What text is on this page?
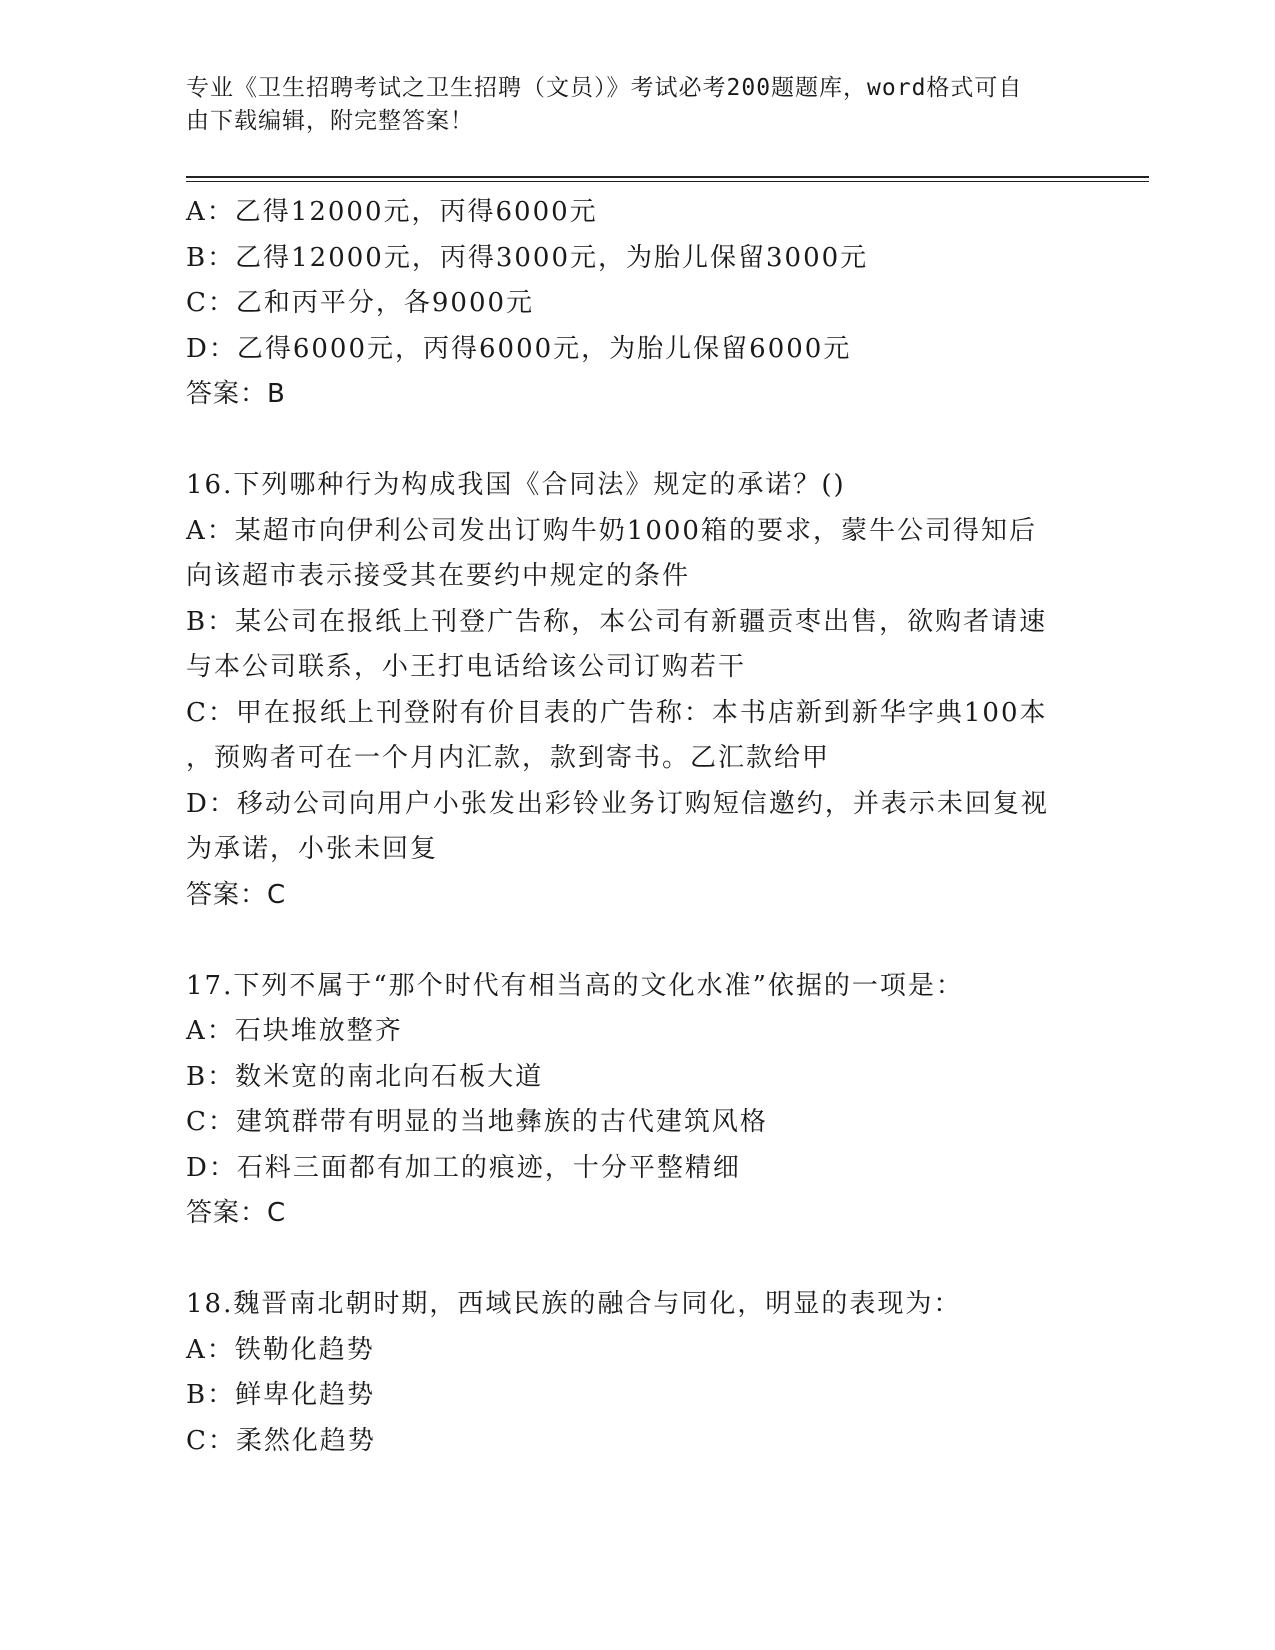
专业《卫生招聘考试之卫生招聘（文员）》考试必考200题题库，word格式可自
由下载编辑，附完整答案！
A：乙得12000元，丙得6000元
B：乙得12000元，丙得3000元，为胎儿保留3000元
C：乙和丙平分，各9000元
D：乙得6000元，丙得6000元，为胎儿保留6000元
答案：B
16.下列哪种行为构成我国《合同法》规定的承诺？()
A：某超市向伊利公司发出订购牛奶1000箱的要求，蒙牛公司得知后
向该超市表示接受其在要约中规定的条件
B：某公司在报纸上刊登广告称，本公司有新疆贡枣出售，欲购者请速
与本公司联系，小王打电话给该公司订购若干
C：甲在报纸上刊登附有价目表的广告称：本书店新到新华字典100本
，预购者可在一个月内汇款，款到寄书。乙汇款给甲
D：移动公司向用户小张发出彩铃业务订购短信邀约，并表示未回复视
为承诺，小张未回复
答案：C
17.下列不属于“那个时代有相当高的文化水准”依据的一项是：
A：石块堆放整齐
B：数米宽的南北向石板大道
C：建筑群带有明显的当地彝族的古代建筑风格
D：石料三面都有加工的痕迹，十分平整精细
答案：C
18.魏晋南北朝时期，西域民族的融合与同化，明显的表现为：
A：铁勒化趋势
B：鲜卑化趋势
C：柔然化趋势
